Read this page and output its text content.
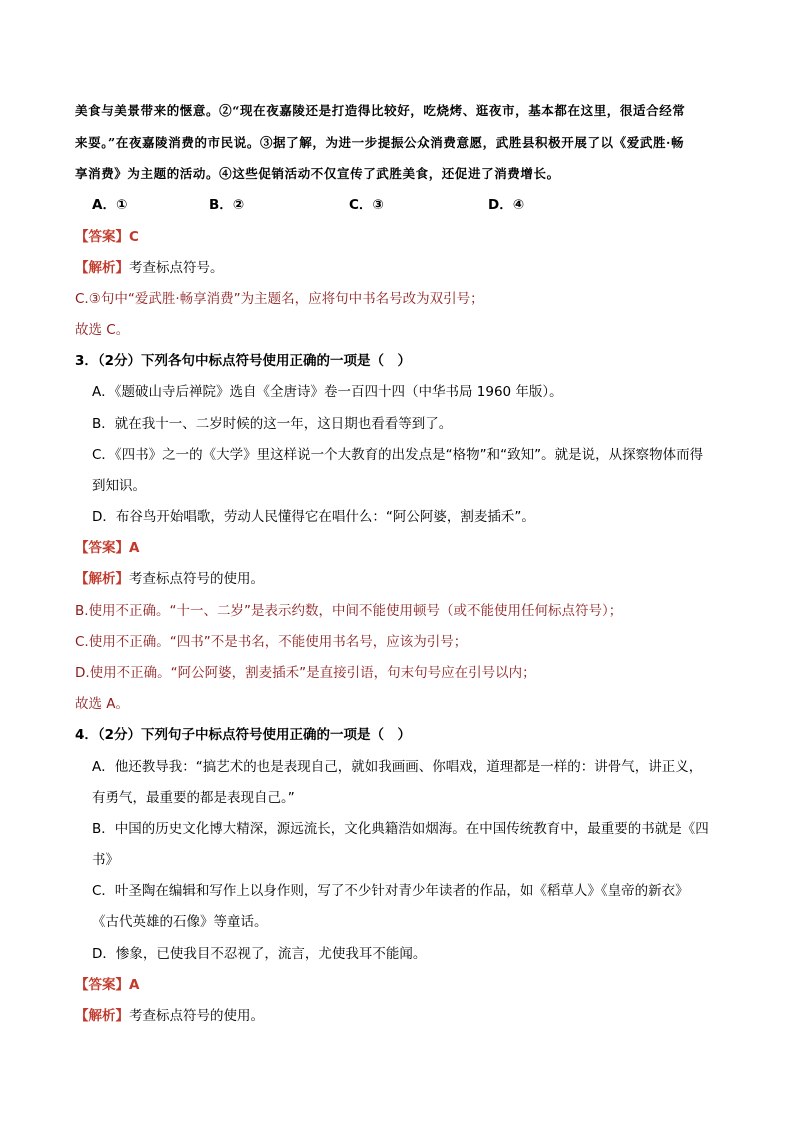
美食与美景带来的惬意。②“现在夜嘉陵还是打造得比较好，吃烧烤、逛夜市，基本都在这里，很适合经常
来耍。”在夜嘉陵消费的市民说。③据了解，为进一步提振公众消费意愿，武胜县积极开展了以《爱武胜·畅
享消费》为主题的活动。④这些促销活动不仅宣传了武胜美食，还促进了消费增长。
A．①	B．②	C．③	D．④
【答案】C
【解析】考查标点符号。
C.③句中“爱武胜·畅享消费”为主题名，应将句中书名号改为双引号；
故选 C。
3．（2分）下列各句中标点符号使用正确的一项是（　）
A．《题破山寺后禅院》选自《全唐诗》卷一百四十四（中华书局 1960 年版）。
B．就在我十一、二岁时候的这一年，这日期也看看等到了。
C．《四书》之一的《大学》里这样说一个大教育的出发点是“格物”和“致知”。就是说，从探察物体而得
到知识。
D．布谷鸟开始唱歌，劳动人民懂得它在唱什么：“阿公阿婆，割麦插禾”。
【答案】A
【解析】考查标点符号的使用。
B.使用不正确。“十一、二岁”是表示约数，中间不能使用顿号（或不能使用任何标点符号）；
C.使用不正确。“四书”不是书名，不能使用书名号，应该为引号；
D.使用不正确。“阿公阿婆，割麦插禾”是直接引语，句末句号应在引号以内；
故选 A。
4．（2分）下列句子中标点符号使用正确的一项是（　）
A．他还教导我：“搞艺术的也是表现自己，就如我画画、你唱戏，道理都是一样的：讲骨气，讲正义，
有勇气，最重要的都是表现自己。”
B．中国的历史文化博大精深，源远流长，文化典籍浩如烟海。在中国传统教育中，最重要的书就是《四
书》
C．叶圣陶在编辑和写作上以身作则，写了不少针对青少年读者的作品，如《稻草人》《皇帝的新衣》
《古代英雄的石像》等童话。
D．惨象，已使我目不忍视了，流言，尤使我耳不能闻。
【答案】A
【解析】考查标点符号的使用。
